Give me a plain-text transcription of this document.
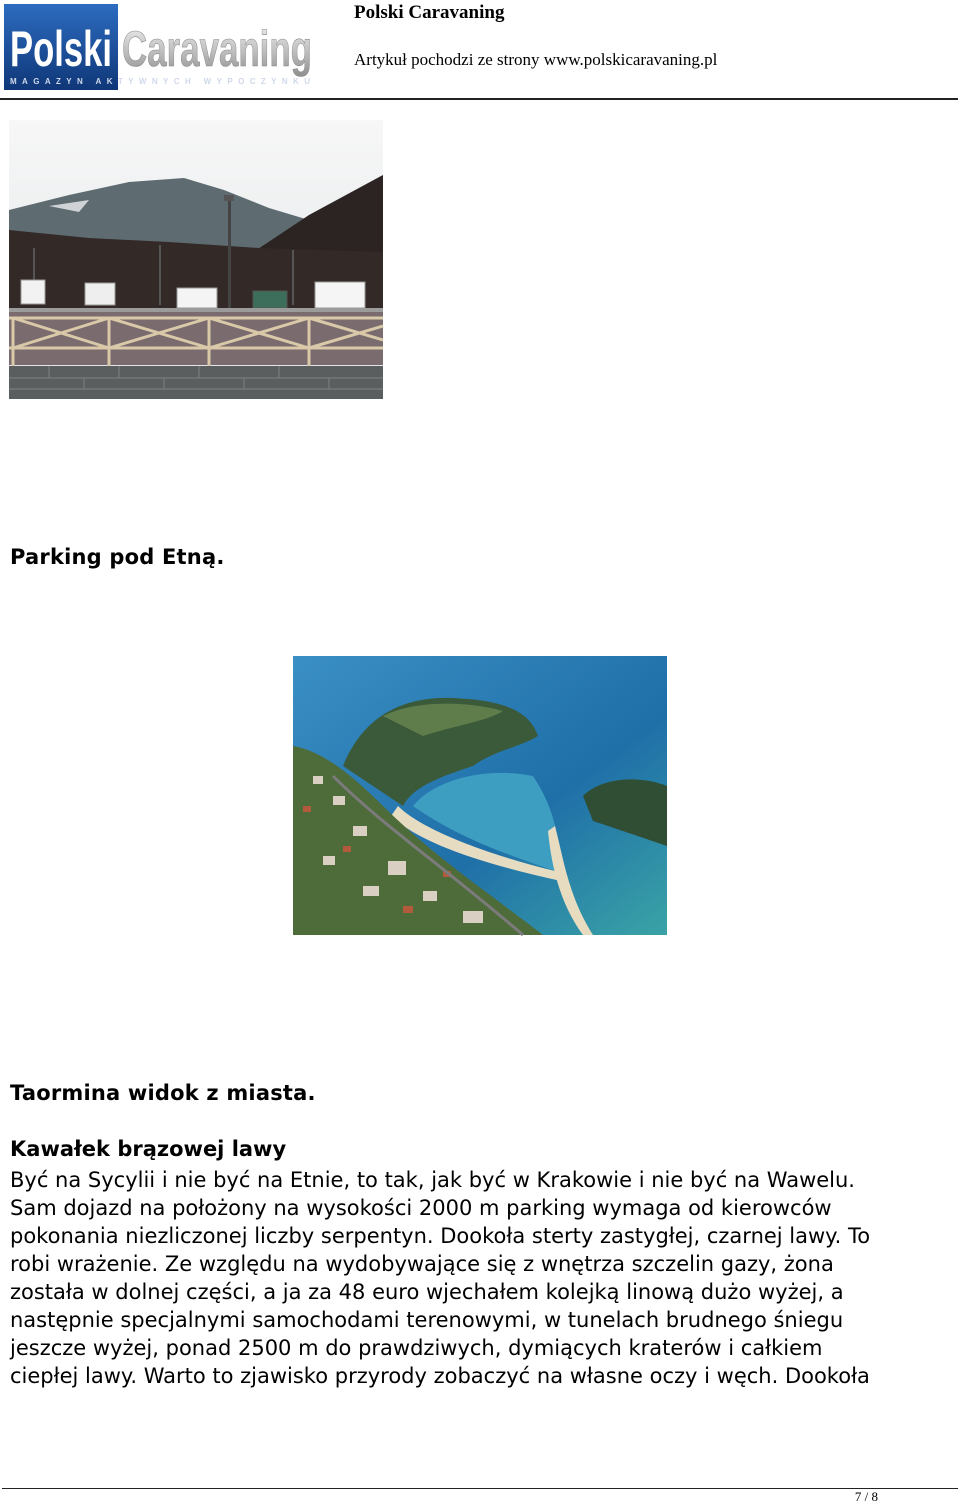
Polski Caravaning
MAGAZYN AKTYWNYCH WYPOCZYNKU
Polski Caravaning
Artykuł pochodzi ze strony www.polskicaravaning.pl
Parking pod Etną.
Taormina widok z miasta.
Kawałek brązowej lawy
Być na Sycylii i nie być na Etnie, to tak, jak być w Krakowie i nie być na Wawelu.
Sam dojazd na położony na wysokości 2000 m parking wymaga od kierowców
pokonania niezliczonej liczby serpentyn. Dookoła sterty zastygłej, czarnej lawy. To
robi wrażenie. Ze względu na wydobywające się z wnętrza szczelin gazy, żona
została w dolnej części, a ja za 48 euro wjechałem kolejką linową dużo wyżej, a
następnie specjalnymi samochodami terenowymi, w tunelach brudnego śniegu
jeszcze wyżej, ponad 2500 m do prawdziwych, dymiących kraterów i całkiem
ciepłej lawy. Warto to zjawisko przyrody zobaczyć na własne oczy i węch. Dookoła
7 / 8
